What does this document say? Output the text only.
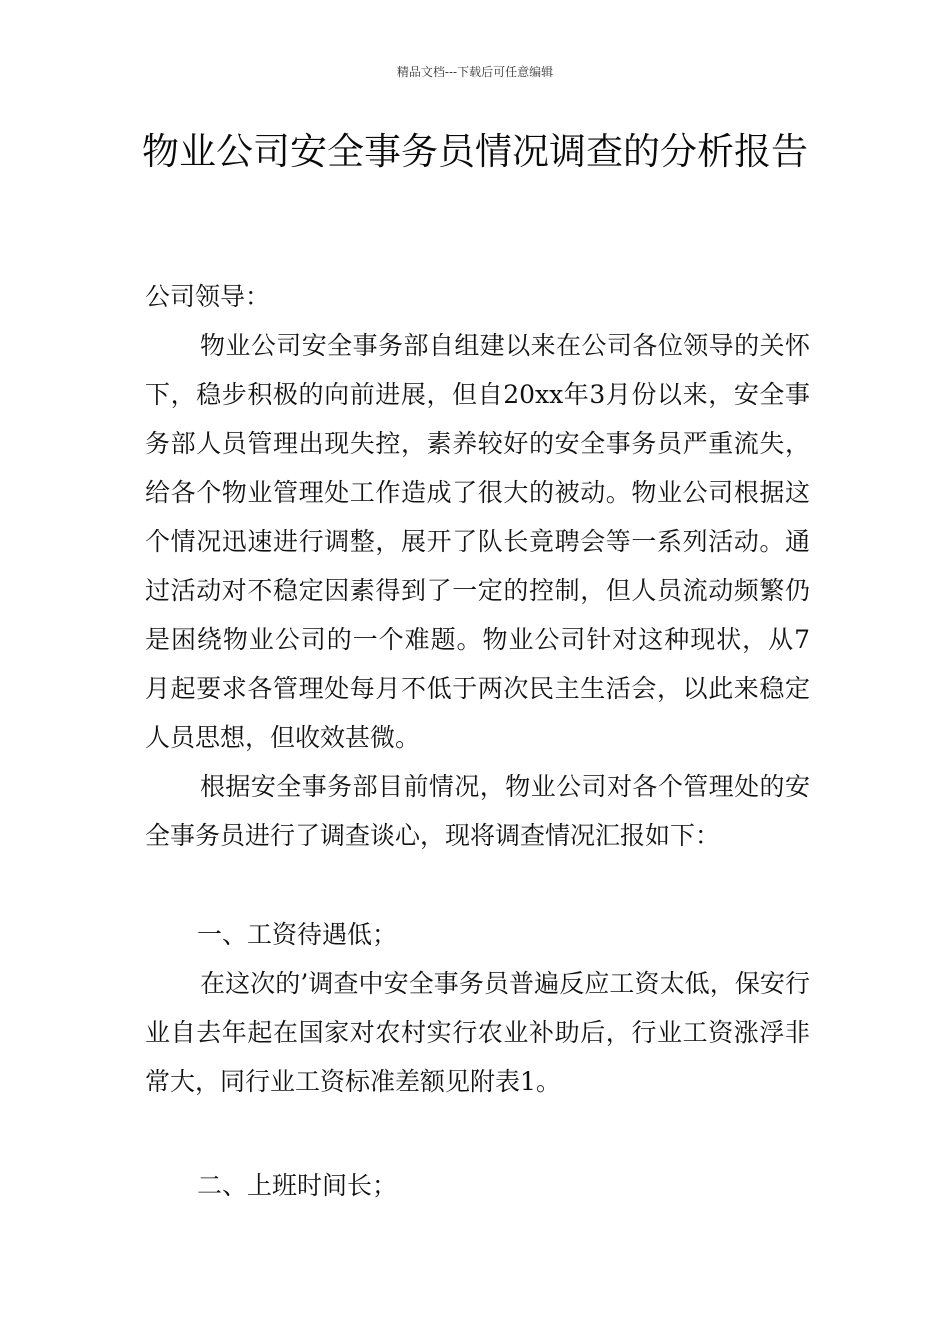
精品文档---下载后可任意编辑
物业公司安全事务员情况调查的分析报告

公司领导：

物业公司安全事务部自组建以来在公司各位领导的关怀下，稳步积极的向前进展，但自20xx年3月份以来，安全事务部人员管理出现失控，素养较好的安全事务员严重流失，给各个物业管理处工作造成了很大的被动。物业公司根据这个情况迅速进行调整，展开了队长竟聘会等一系列活动。通过活动对不稳定因素得到了一定的控制，但人员流动频繁仍是困绕物业公司的一个难题。物业公司针对这种现状，从7月起要求各管理处每月不低于两次民主生活会，以此来稳定人员思想，但收效甚微。

根据安全事务部目前情况，物业公司对各个管理处的安全事务员进行了调查谈心，现将调查情况汇报如下：

一、工资待遇低；

在这次的’调查中安全事务员普遍反应工资太低，保安行业自去年起在国家对农村实行农业补助后，行业工资涨浮非常大，同行业工资标准差额见附表1。

二、上班时间长；
